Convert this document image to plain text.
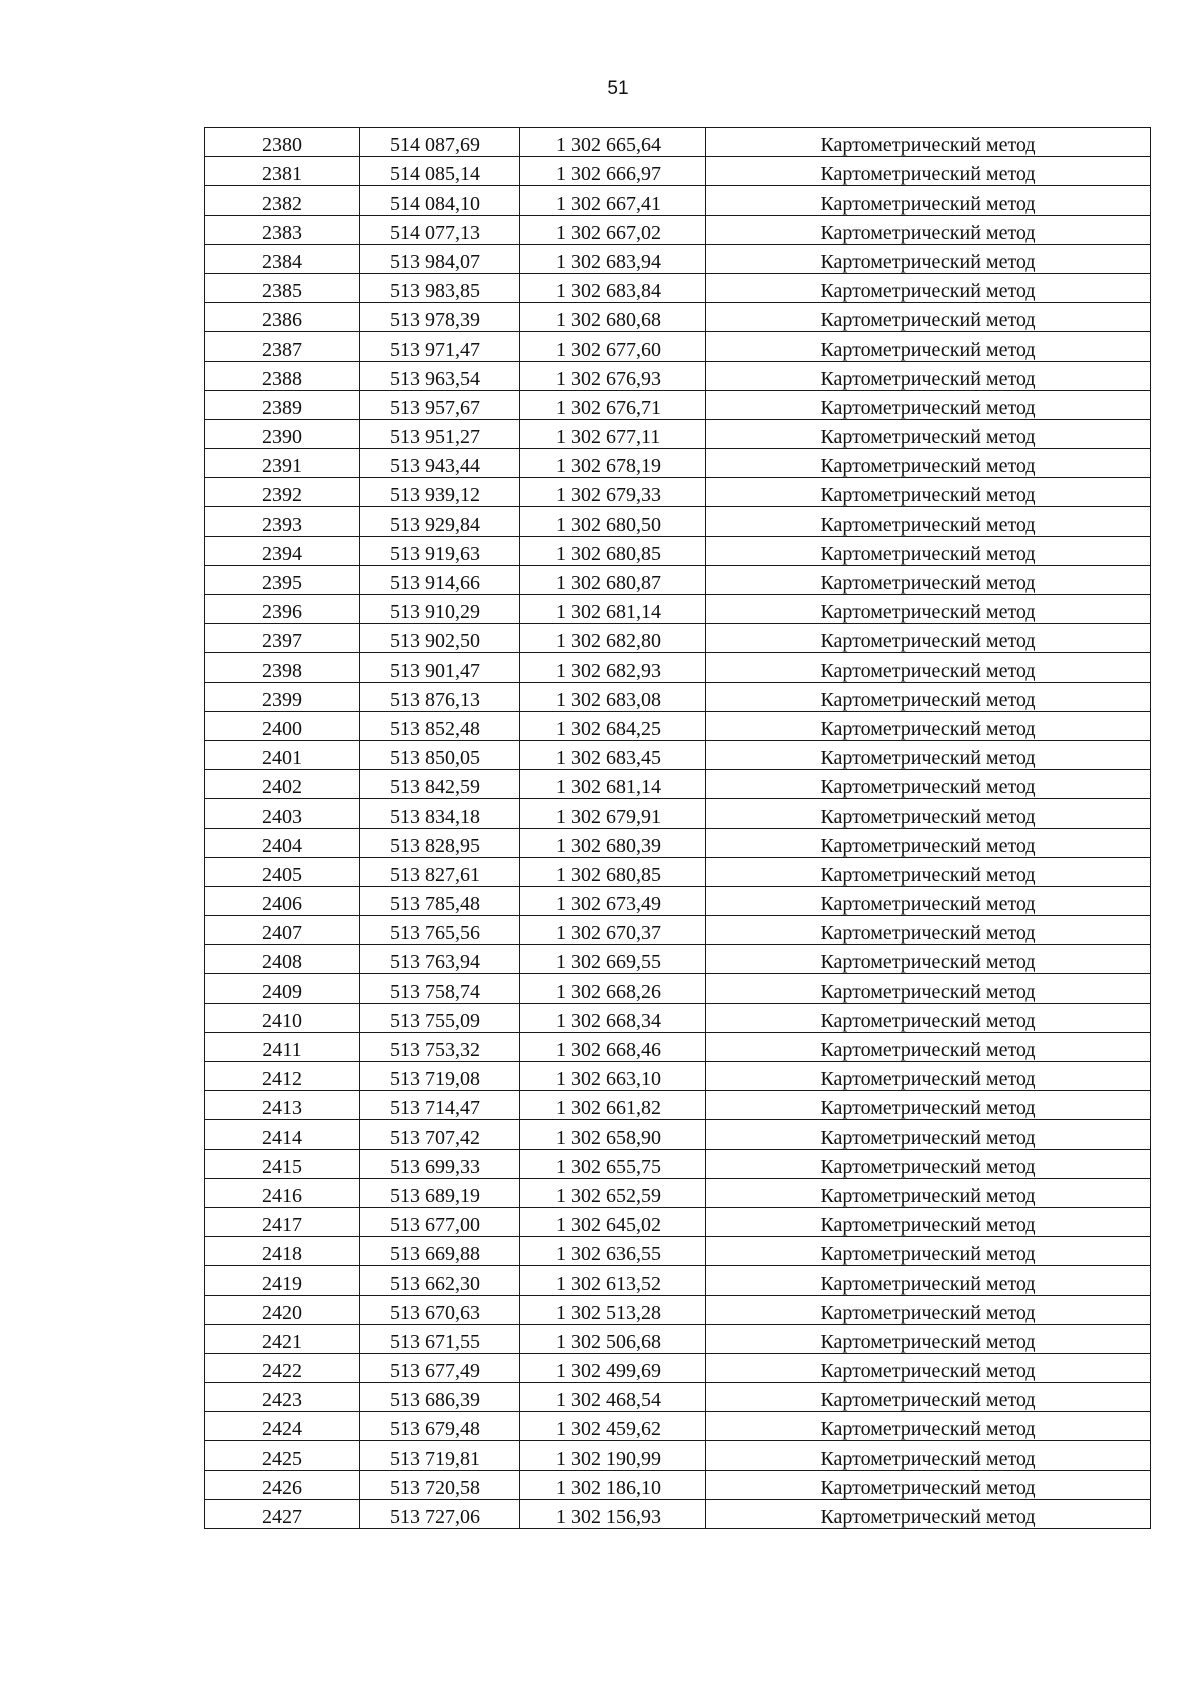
51
2380	514 087,69	1 302 665,64	Картометрический метод
2381	514 085,14	1 302 666,97	Картометрический метод
2382	514 084,10	1 302 667,41	Картометрический метод
2383	514 077,13	1 302 667,02	Картометрический метод
2384	513 984,07	1 302 683,94	Картометрический метод
2385	513 983,85	1 302 683,84	Картометрический метод
2386	513 978,39	1 302 680,68	Картометрический метод
2387	513 971,47	1 302 677,60	Картометрический метод
2388	513 963,54	1 302 676,93	Картометрический метод
2389	513 957,67	1 302 676,71	Картометрический метод
2390	513 951,27	1 302 677,11	Картометрический метод
2391	513 943,44	1 302 678,19	Картометрический метод
2392	513 939,12	1 302 679,33	Картометрический метод
2393	513 929,84	1 302 680,50	Картометрический метод
2394	513 919,63	1 302 680,85	Картометрический метод
2395	513 914,66	1 302 680,87	Картометрический метод
2396	513 910,29	1 302 681,14	Картометрический метод
2397	513 902,50	1 302 682,80	Картометрический метод
2398	513 901,47	1 302 682,93	Картометрический метод
2399	513 876,13	1 302 683,08	Картометрический метод
2400	513 852,48	1 302 684,25	Картометрический метод
2401	513 850,05	1 302 683,45	Картометрический метод
2402	513 842,59	1 302 681,14	Картометрический метод
2403	513 834,18	1 302 679,91	Картометрический метод
2404	513 828,95	1 302 680,39	Картометрический метод
2405	513 827,61	1 302 680,85	Картометрический метод
2406	513 785,48	1 302 673,49	Картометрический метод
2407	513 765,56	1 302 670,37	Картометрический метод
2408	513 763,94	1 302 669,55	Картометрический метод
2409	513 758,74	1 302 668,26	Картометрический метод
2410	513 755,09	1 302 668,34	Картометрический метод
2411	513 753,32	1 302 668,46	Картометрический метод
2412	513 719,08	1 302 663,10	Картометрический метод
2413	513 714,47	1 302 661,82	Картометрический метод
2414	513 707,42	1 302 658,90	Картометрический метод
2415	513 699,33	1 302 655,75	Картометрический метод
2416	513 689,19	1 302 652,59	Картометрический метод
2417	513 677,00	1 302 645,02	Картометрический метод
2418	513 669,88	1 302 636,55	Картометрический метод
2419	513 662,30	1 302 613,52	Картометрический метод
2420	513 670,63	1 302 513,28	Картометрический метод
2421	513 671,55	1 302 506,68	Картометрический метод
2422	513 677,49	1 302 499,69	Картометрический метод
2423	513 686,39	1 302 468,54	Картометрический метод
2424	513 679,48	1 302 459,62	Картометрический метод
2425	513 719,81	1 302 190,99	Картометрический метод
2426	513 720,58	1 302 186,10	Картометрический метод
2427	513 727,06	1 302 156,93	Картометрический метод
